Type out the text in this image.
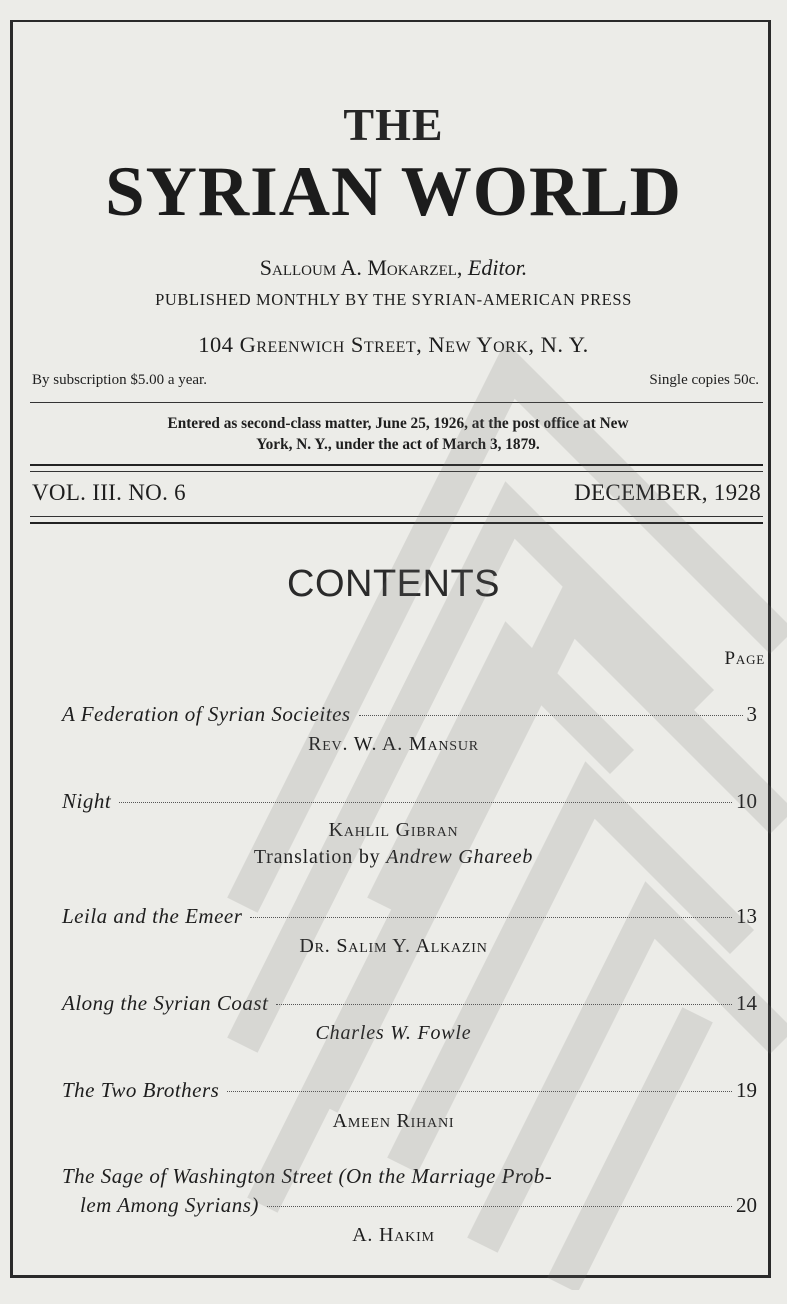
THE
SYRIAN WORLD
Salloum A. Mokarzel, Editor.
PUBLISHED MONTHLY BY THE SYRIAN-AMERICAN PRESS
104 Greenwich Street, New York, N. Y.
By subscription $5.00 a year.	Single copies 50c.
Entered as second-class matter, June 25, 1926, at the post office at New
York, N. Y., under the act of March 3, 1879.
VOL. III. NO. 6	DECEMBER, 1928
CONTENTS
Page
A Federation of Syrian Socieites	3
Rev. W. A. Mansur
Night	10
Kahlil Gibran
Translation by Andrew Ghareeb
Leila and the Emeer	13
Dr. Salim Y. Alkazin
Along the Syrian Coast	14
Charles W. Fowle
The Two Brothers	19
Ameen Rihani
The Sage of Washington Street (On the Marriage Prob-
lem Among Syrians)	20
A. Hakim
